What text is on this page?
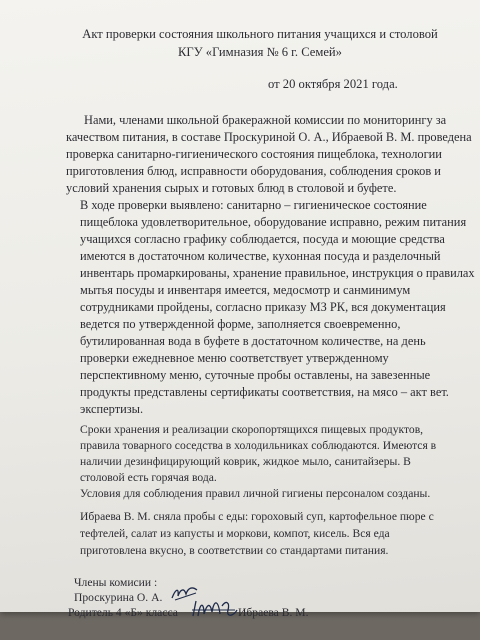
Акт проверки состояния школьного питания учащихся и столовой
КГУ «Гимназия № 6 г. Семей»
от 20 октября 2021 года.
Нами, членами школьной бракеражной комиссии по мониторингу за
качеством питания, в составе Проскуриной О. А., Ибраевой В. М. проведена
проверка санитарно-гигиенического состояния пищеблока, технологии
приготовления блюд, исправности оборудования, соблюдения сроков и
условий хранения сырых и готовых блюд в столовой и буфете.
В ходе проверки выявлено: санитарно – гигиеническое состояние
пищеблока удовлетворительное, оборудование исправно, режим питания
учащихся согласно графику соблюдается, посуда и моющие средства
имеются в достаточном количестве, кухонная посуда и разделочный
инвентарь промаркированы, хранение правильное, инструкция о правилах
мытья посуды и инвентаря имеется, медосмотр и санминимум
сотрудниками пройдены, согласно приказу МЗ РК, вся документация
ведется по утвержденной форме, заполняется своевременно,
бутилированная вода в буфете в достаточном количестве, на день
проверки ежедневное меню соответствует утвержденному
перспективному меню, суточные пробы оставлены, на завезенные
продукты представлены сертификаты соответствия, на мясо – акт вет.
экспертизы.
Сроки хранения и реализации скоропортящихся пищевых продуктов,
правила товарного соседства в холодильниках соблюдаются. Имеются в
наличии дезинфицирующий коврик, жидкое мыло, санитайзеры. В
столовой есть горячая вода.
Условия для соблюдения правил личной гигиены персоналом созданы.
Ибраева В. М. сняла пробы с еды: гороховый суп, картофельное пюре с
тефтелей, салат из капусты и моркови, компот, кисель. Вся еда
приготовлена вкусно, в соответствии со стандартами питания.
Члены комисии :
Проскурина О. А.
Родитель 4 «Б» класса	Ибраева В. М.
